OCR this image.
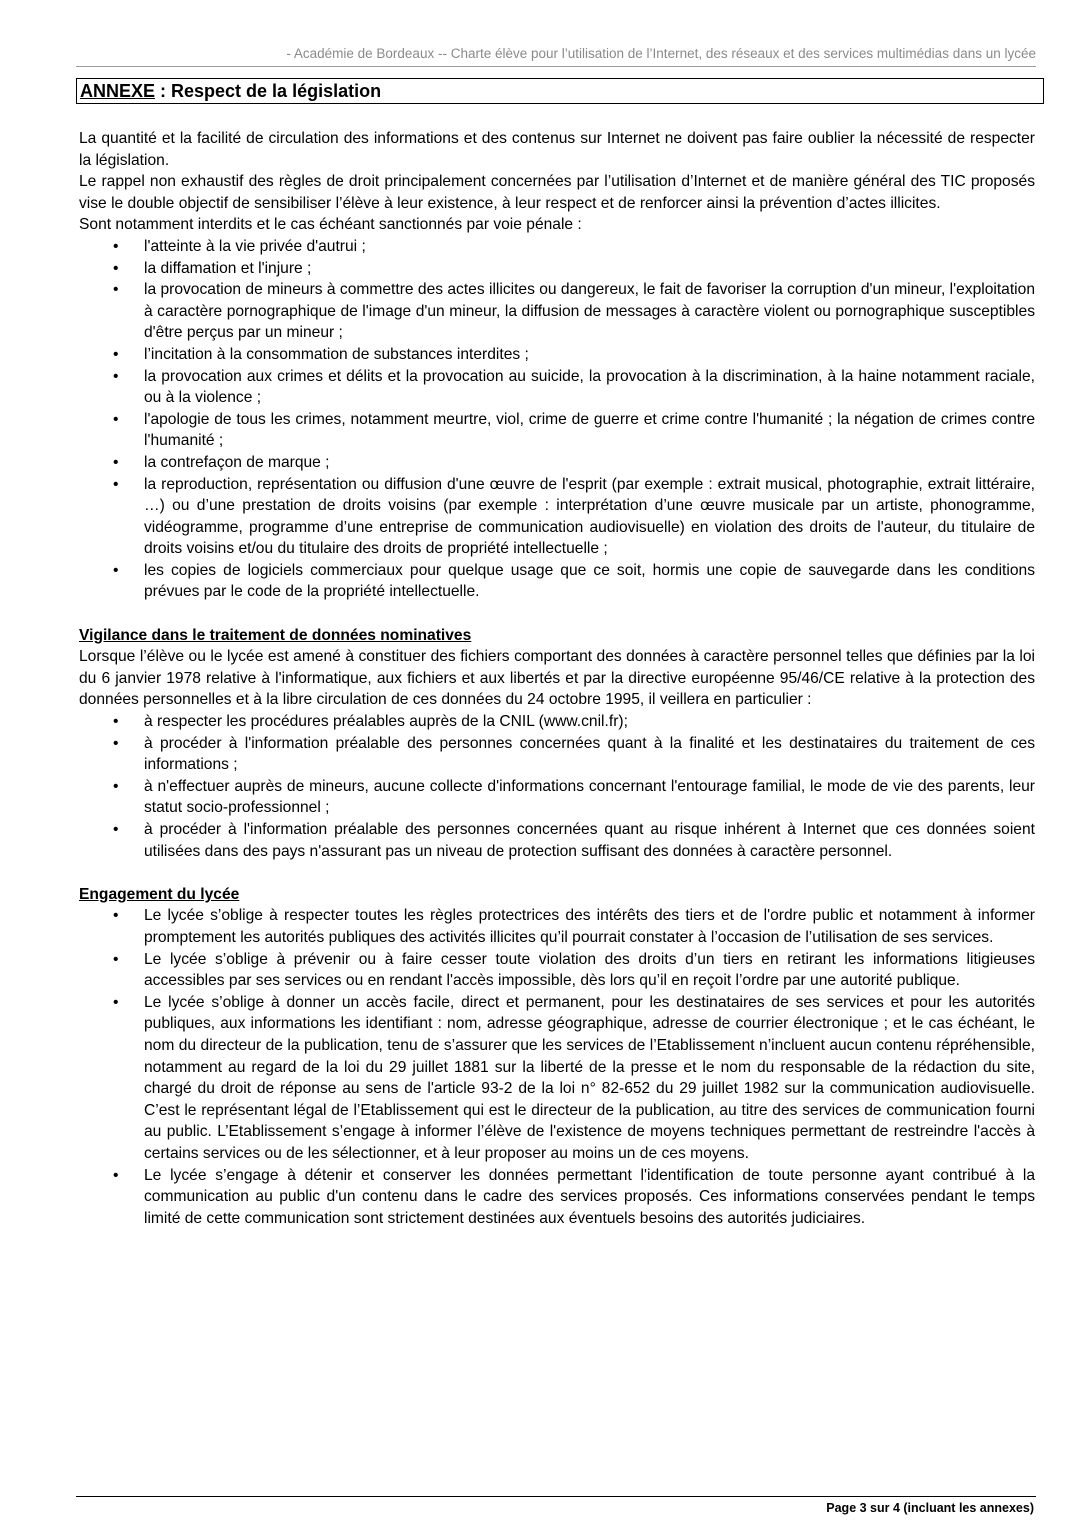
- Académie de Bordeaux -- Charte élève pour l’utilisation de l’Internet, des réseaux et des services multimédias dans un lycée
ANNEXE : Respect de la législation

La quantité et la facilité de circulation des informations et des contenus sur Internet ne doivent pas faire oublier la nécessité de respecter la législation.

Le rappel non exhaustif des règles de droit principalement concernées par l’utilisation d’Internet et de manière général des TIC proposés vise le double objectif de sensibiliser l’élève à leur existence, à leur respect et de renforcer ainsi la prévention d’actes illicites.

Sont notamment interdits et le cas échéant sanctionnés par voie pénale :

• l'atteinte à la vie privée d'autrui ;
• la diffamation et l'injure ;
• la provocation de mineurs à commettre des actes illicites ou dangereux, le fait de favoriser la corruption d'un mineur, l'exploitation à caractère pornographique de l'image d'un mineur, la diffusion de messages à caractère violent ou pornographique susceptibles d'être perçus par un mineur ;
• l’incitation à la consommation de substances interdites ;
• la provocation aux crimes et délits et la provocation au suicide, la provocation à la discrimination, à la haine notamment raciale, ou à la violence ;
• l'apologie de tous les crimes, notamment meurtre, viol, crime de guerre et crime contre l'humanité ; la négation de crimes contre l'humanité ;
• la contrefaçon de marque ;
• la reproduction, représentation ou diffusion d'une œuvre de l'esprit (par exemple : extrait musical, photographie, extrait littéraire, …) ou d’une prestation de droits voisins (par exemple : interprétation d’une œuvre musicale par un artiste, phonogramme, vidéogramme, programme d’une entreprise de communication audiovisuelle) en violation des droits de l'auteur, du titulaire de droits voisins et/ou du titulaire des droits de propriété intellectuelle ;
• les copies de logiciels commerciaux pour quelque usage que ce soit, hormis une copie de sauvegarde dans les conditions prévues par le code de la propriété intellectuelle.

Vigilance dans le traitement de données nominatives

Lorsque l’élève ou le lycée est amené à constituer des fichiers comportant des données à caractère personnel telles que définies par la loi du 6 janvier 1978 relative à l'informatique, aux fichiers et aux libertés et par la directive européenne 95/46/CE relative à la protection des données personnelles et à la libre circulation de ces données du 24 octobre 1995, il veillera en particulier :

• à respecter les procédures préalables auprès de la CNIL (www.cnil.fr);
• à procéder à l'information préalable des personnes concernées quant à la finalité et les destinataires du traitement de ces informations ;
• à n'effectuer auprès de mineurs, aucune collecte d'informations concernant l'entourage familial, le mode de vie des parents, leur statut socio-professionnel ;
• à procéder à l'information préalable des personnes concernées quant au risque inhérent à Internet que ces données soient utilisées dans des pays n'assurant pas un niveau de protection suffisant des données à caractère personnel.

Engagement du lycée

• Le lycée s’oblige à respecter toutes les règles protectrices des intérêts des tiers et de l'ordre public et notamment à informer promptement les autorités publiques des activités illicites qu’il pourrait constater à l’occasion de l’utilisation de ses services.
• Le lycée s’oblige à prévenir ou à faire cesser toute violation des droits d’un tiers en retirant les informations litigieuses accessibles par ses services ou en rendant l'accès impossible, dès lors qu’il en reçoit l’ordre par une autorité publique.
• Le lycée s’oblige à donner un accès facile, direct et permanent, pour les destinataires de ses services et pour les autorités publiques, aux informations les identifiant : nom, adresse géographique, adresse de courrier électronique ; et le cas échéant, le nom du directeur de la publication, tenu de s’assurer que les services de l’Etablissement n’incluent aucun contenu répréhensible, notamment au regard de la loi du 29 juillet 1881 sur la liberté de la presse et le nom du responsable de la rédaction du site, chargé du droit de réponse au sens de l'article 93-2 de la loi n° 82-652 du 29 juillet 1982 sur la communication audiovisuelle. C’est le représentant légal de l’Etablissement qui est le directeur de la publication, au titre des services de communication fourni au public. L’Etablissement s’engage à informer l’élève de l'existence de moyens techniques permettant de restreindre l'accès à certains services ou de les sélectionner, et à leur proposer au moins un de ces moyens.
• Le lycée s’engage à détenir et conserver les données permettant l'identification de toute personne ayant contribué à la communication au public d'un contenu dans le cadre des services proposés. Ces informations conservées pendant le temps limité de cette communication sont strictement destinées aux éventuels besoins des autorités judiciaires.
Page 3 sur 4 (incluant les annexes)
